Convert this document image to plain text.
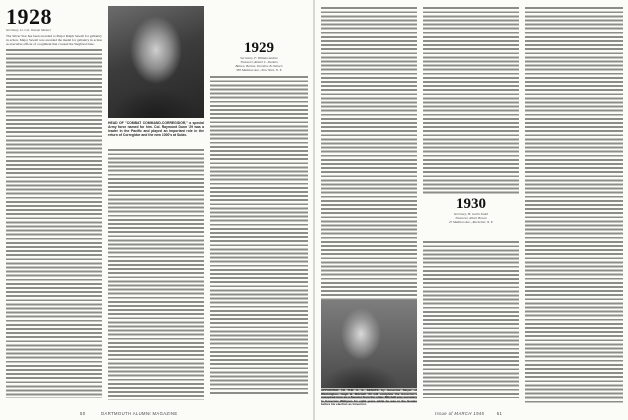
1928
Secretary, Lt. Col. Osmun Skinner
The Silver Star has been awarded to Major Ralph Sewall for gallantry in action. Major Sewall was awarded the medal for gallantry in action as executive officer of a regiment that crossed the Siegfried Line.
HEAD OF "COMBAT COMMAND-CORREGIDOR," a special Army force named for him. Col. Raymond Dunn '29 was a leader in the Pacific and played an important role in the return of Corregidor and the new 1000's at Subic.
1929
Secretary, F. William Andres
Treasurer, Robert L. Stanton
Batsen, Barton, Durstine & Osborn
383 Madison Ave., New York, N. Y.
50	DARTMOUTH ALUMNI MAGAZINE
1930
Secretary, H. Garth Smith
Treasurer, Albert Brown
25 Madison Ave., Rochester, N. Y.
APPOINTED TO THE U. S. SENATE by Governor Meyer of Washington, Hugh B. Mitchell '30 will complete the Governor's unexpired term as a Senator from the state. Mitchell was secretary to Governor Wallgren for eight years while he was in the Senate before his election as Governor.
Issue of MARCH 1945	51
